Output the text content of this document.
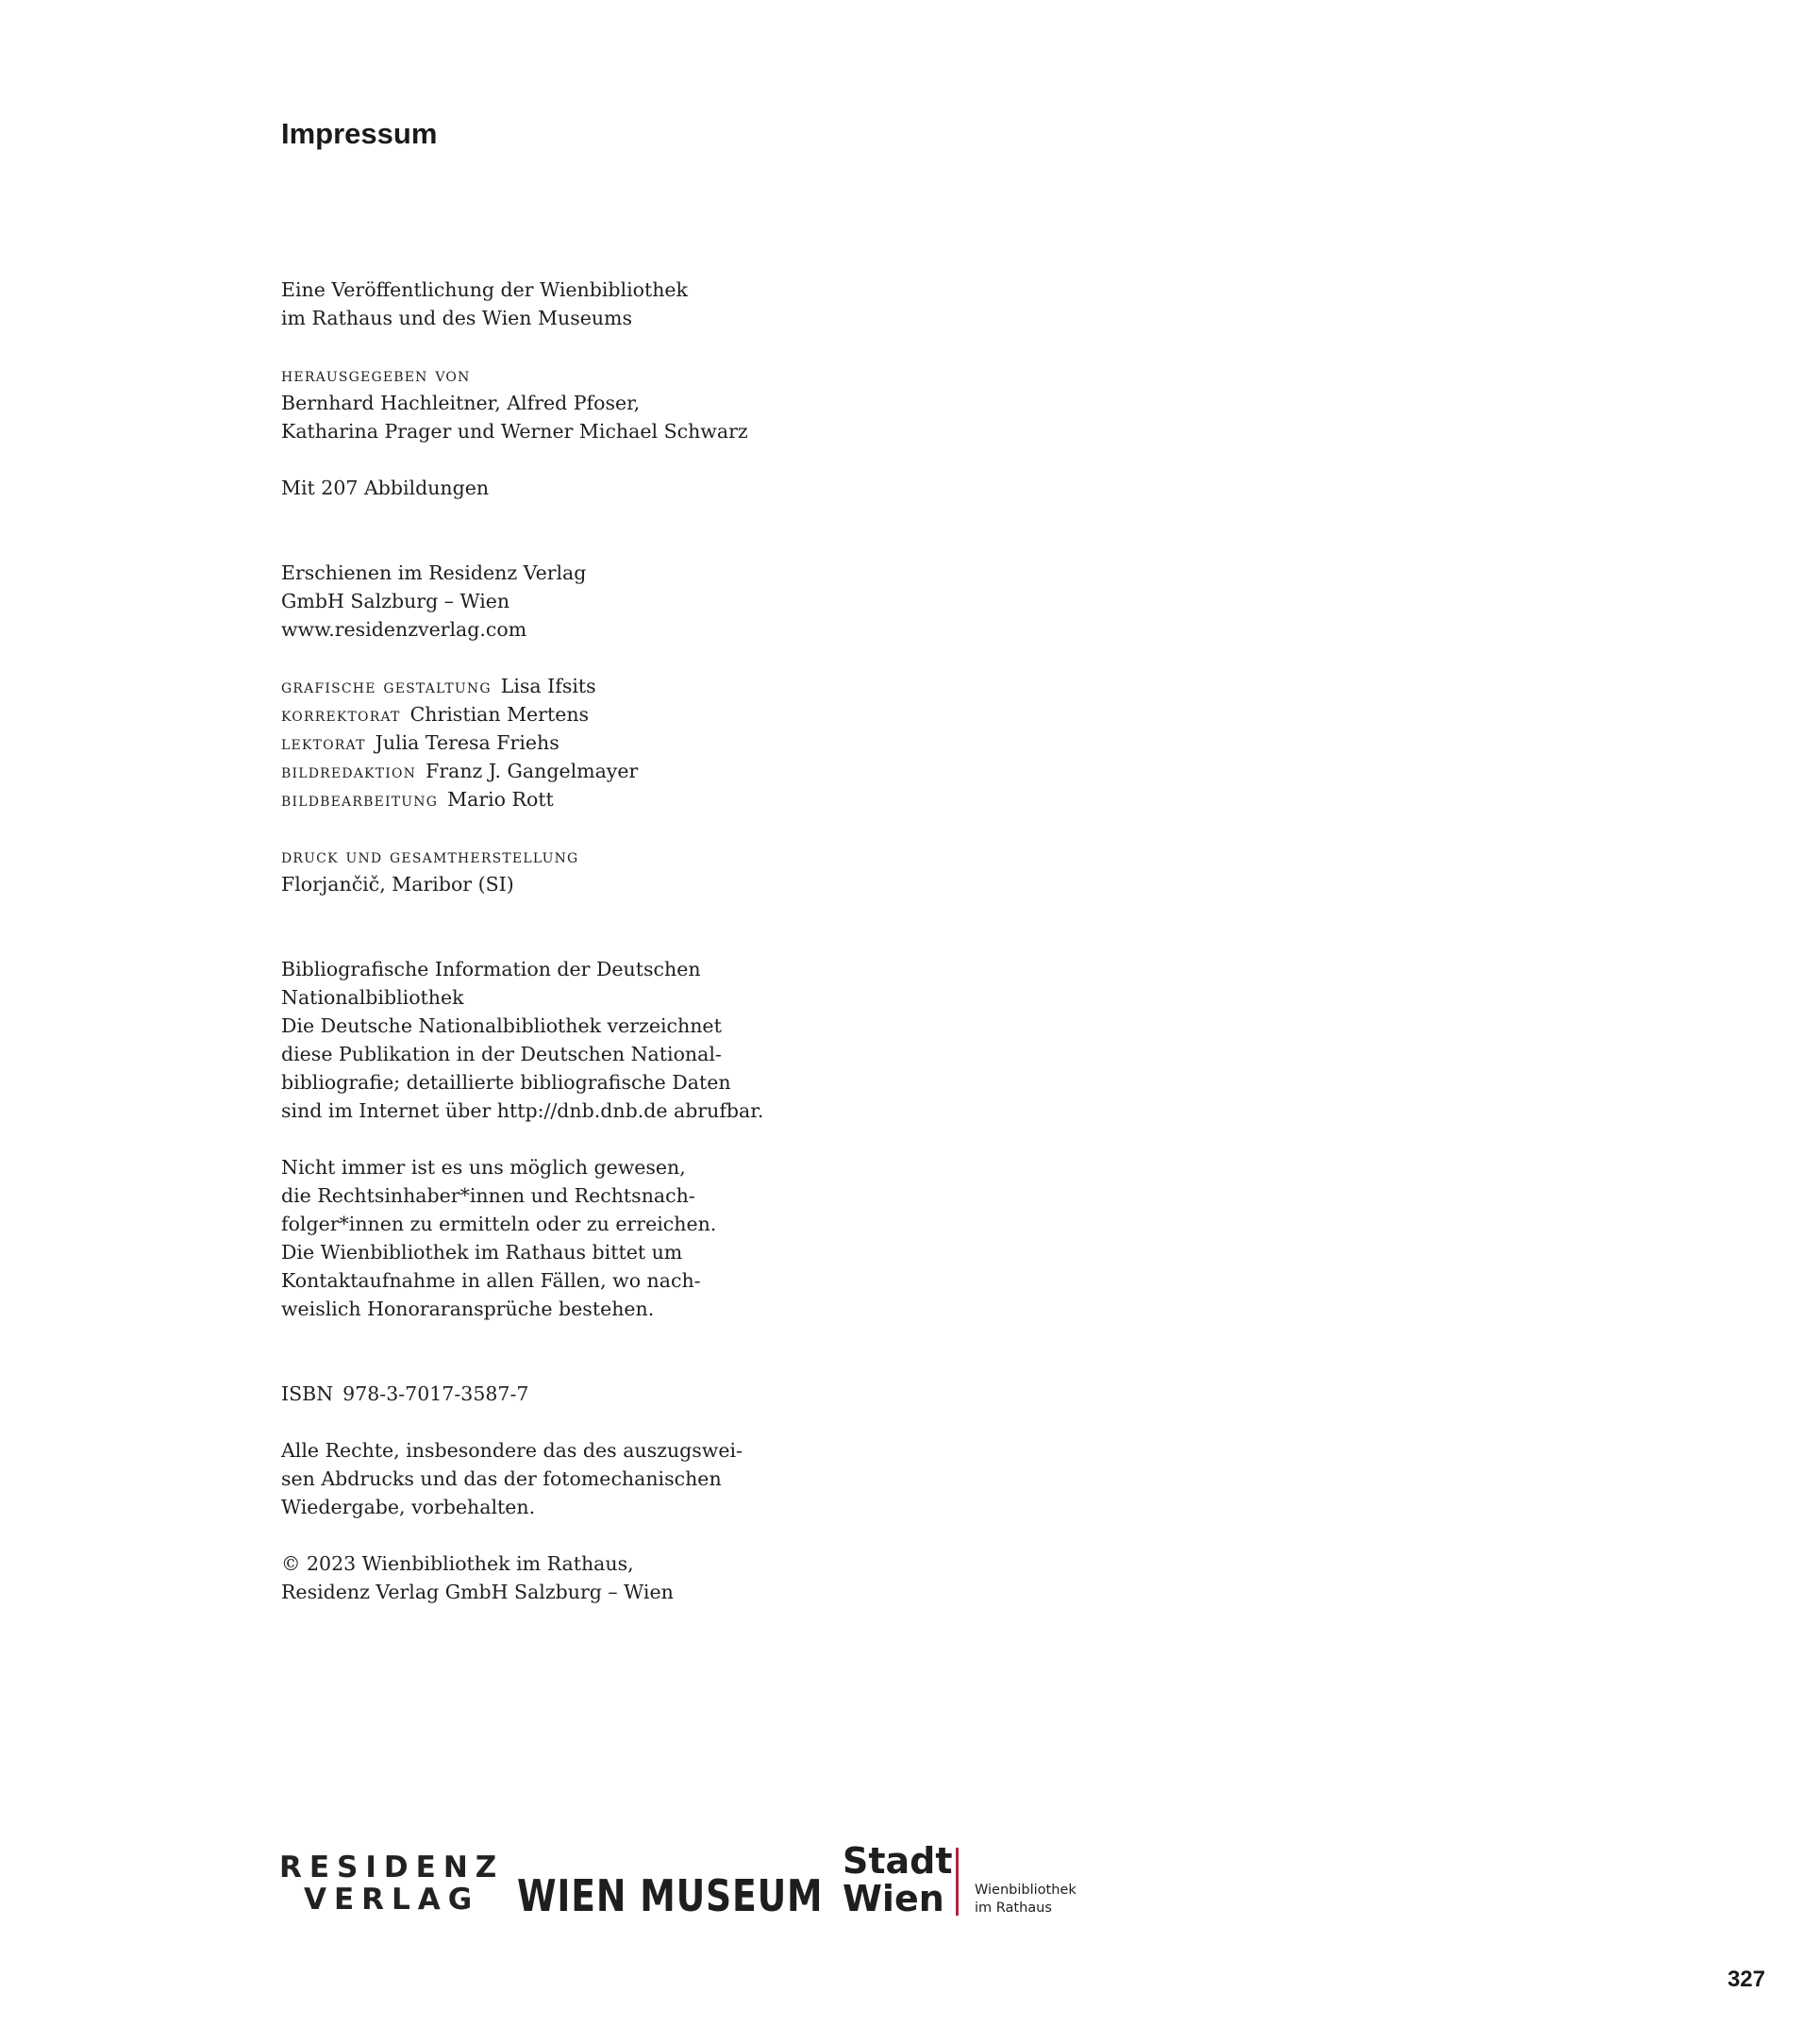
Impressum

Eine Veröffentlichung der Wienbibliothek
im Rathaus und des Wien Museums

herausgegeben von
Bernhard Hachleitner, Alfred Pfoser,
Katharina Prager und Werner Michael Schwarz

Mit 207 Abbildungen

Erschienen im Residenz Verlag
GmbH Salzburg – Wien
www.residenzverlag.com

grafische gestaltung Lisa Ifsits
korrektorat Christian Mertens
lektorat Julia Teresa Friehs
bildredaktion Franz J. Gangelmayer
bildbearbeitung Mario Rott

druck und gesamtherstellung
Florjančič, Maribor (SI)

Bibliografische Information der Deutschen
Nationalbibliothek
Die Deutsche Nationalbibliothek verzeichnet
diese Publikation in der Deutschen National-
bibliografie; detaillierte bibliografische Daten
sind im Internet über http://dnb.dnb.de abrufbar.

Nicht immer ist es uns möglich gewesen,
die Rechtsinhaber*innen und Rechtsnach-
folger*innen zu ermitteln oder zu erreichen.
Die Wienbibliothek im Rathaus bittet um
Kontaktaufnahme in allen Fällen, wo nach-
weislich Honoraransprüche bestehen.

ISBN 978-3-7017-3587-7

Alle Rechte, insbesondere das des auszugswei-
sen Abdrucks und das der fotomechanischen
Wiedergabe, vorbehalten.

© 2023 Wienbibliothek im Rathaus,
Residenz Verlag GmbH Salzburg – Wien

RESIDENZ
VERLAG WIEN MUSEUM
Stadt
Wien	Wienbibliothek
im Rathaus
327
